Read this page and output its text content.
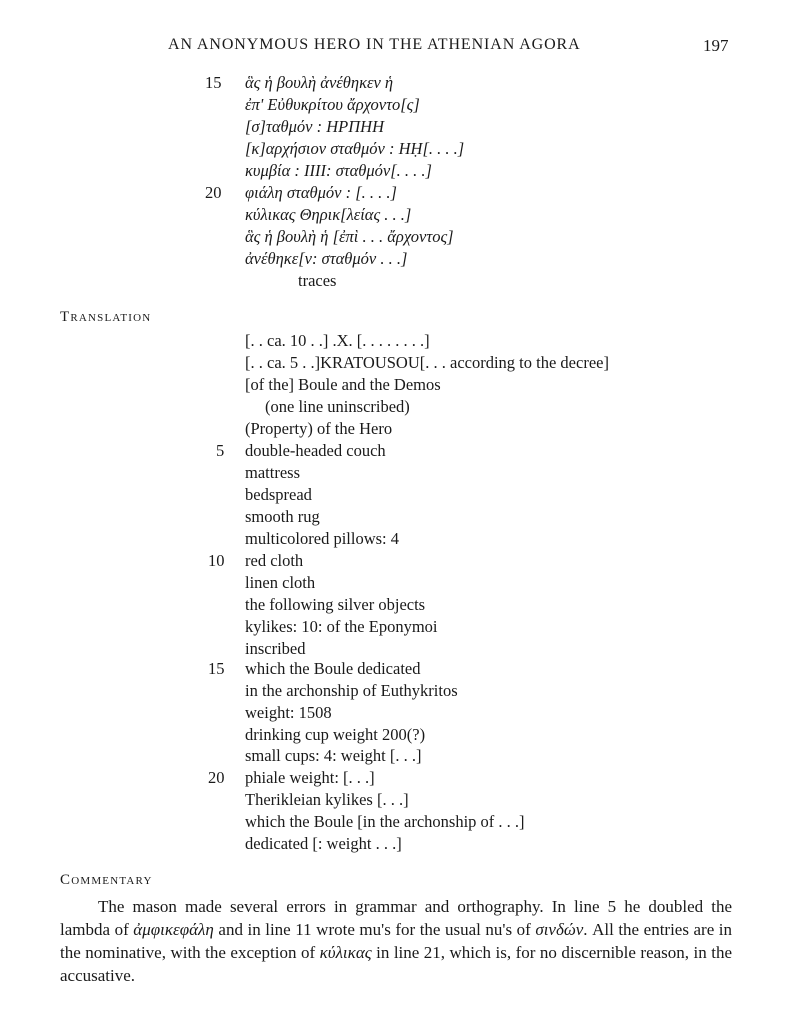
AN ANONYMOUS HERO IN THE ATHENIAN AGORA	197
15 ἃς ἡ βουλὴ ἀνέθηκεν ἡ
ἐπ' Εὐθυκρίτου ἄρχοντο[ς]
[σ]ταθμόν : ΗΡΠΗΗ
[κ]αρχήσιον σταθμόν : ΗḤ[. . . .]
κυμβία : IIII: σταθμόν[. . . .]
20 φιάλη σταθμόν : [. . . .]
κύλικας Θηρικ[λείας . . .]
ἃς ἡ βουλὴ ἡ [ἐπὶ . . . ἄρχοντος]
ἀνέθηκε[ν: σταθμόν . . .]
traces
Translation
[. . ca. 10 . .] .X. [. . . . . . . .]
[. . ca. 5 . .]KRATOUSOU[. . . according to the decree]
[of the] Boule and the Demos
(one line uninscribed)
(Property) of the Hero
5 double-headed couch
mattress
bedspread
smooth rug
multicolored pillows: 4
10 red cloth
linen cloth
the following silver objects
kylikes: 10: of the Eponymoi
inscribed
15 which the Boule dedicated
in the archonship of Euthykritos
weight: 1508
drinking cup weight 200(?)
small cups: 4: weight [. . .]
20 phiale weight: [. . .]
Therikleian kylikes [. . .]
which the Boule [in the archonship of . . .]
dedicated [: weight . . .]
Commentary

The mason made several errors in grammar and orthography. In line 5 he doubled the lambda of ἀμφικεφάλη and in line 11 wrote mu's for the usual nu's of σινδών. All the entries are in the nominative, with the exception of κύλικας in line 21, which is, for no discernible reason, in the accusative.
